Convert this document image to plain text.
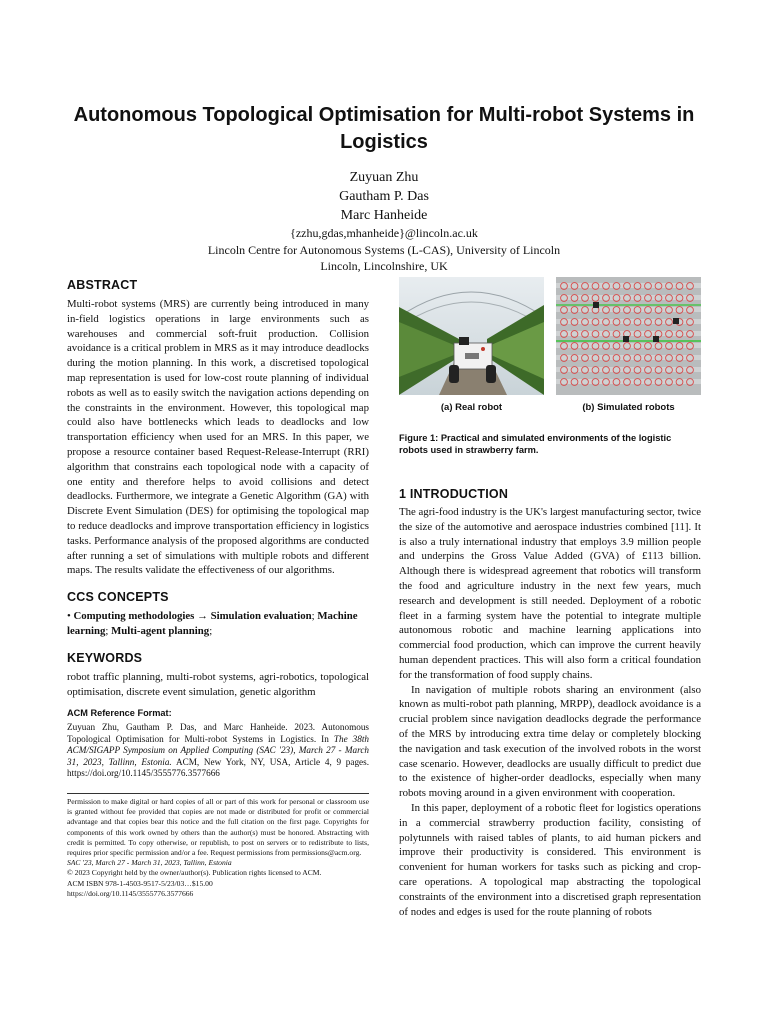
Autonomous Topological Optimisation for Multi-robot Systems in Logistics
Zuyuan Zhu
Gautham P. Das
Marc Hanheide
{zzhu,gdas,mhanheide}@lincoln.ac.uk
Lincoln Centre for Autonomous Systems (L-CAS), University of Lincoln
Lincoln, Lincolnshire, UK
ABSTRACT

Multi-robot systems (MRS) are currently being introduced in many in-field logistics operations in large environments such as warehouses and commercial soft-fruit production. Collision avoidance is a critical problem in MRS as it may introduce deadlocks during the motion planning. In this work, a discretised topological map representation is used for low-cost route planning of individual robots as well as to easily switch the navigation actions depending on the constraints in the environment. However, this topological map could also have bottlenecks which leads to deadlocks and low transportation efficiency when used for an MRS. In this paper, we propose a resource container based Request-Release-Interrupt (RRI) algorithm that constrains each topological node with a capacity of one entity and therefore helps to avoid collisions and detect deadlocks. Furthermore, we integrate a Genetic Algorithm (GA) with Discrete Event Simulation (DES) for optimising the topological map to reduce deadlocks and improve transportation efficiency in logistics tasks. Performance analysis of the proposed algorithms are conducted after running a set of simulations with multiple robots and different maps. The results validate the effectiveness of our algorithms.

CCS CONCEPTS

• Computing methodologies → Simulation evaluation; Machine learning; Multi-agent planning;

KEYWORDS

robot traffic planning, multi-robot systems, agri-robotics, topological optimisation, discrete event simulation, genetic algorithm

ACM Reference Format:

Zuyuan Zhu, Gautham P. Das, and Marc Hanheide. 2023. Autonomous Topological Optimisation for Multi-robot Systems in Logistics. In The 38th ACM/SIGAPP Symposium on Applied Computing (SAC '23), March 27 - March 31, 2023, Tallinn, Estonia. ACM, New York, NY, USA, Article 4, 9 pages. https://doi.org/10.1145/3555776.3577666

Permission to make digital or hard copies of all or part of this work for personal or classroom use is granted without fee provided that copies are not made or distributed for profit or commercial advantage and that copies bear this notice and the full citation on the first page. Copyrights for components of this work owned by others than the author(s) must be honored. Abstracting with credit is permitted. To copy otherwise, or republish, to post on servers or to redistribute to lists, requires prior specific permission and/or a fee. Request permissions from permissions@acm.org.

SAC '23, March 27 - March 31, 2023, Tallinn, Estonia

© 2023 Copyright held by the owner/author(s). Publication rights licensed to ACM.

ACM ISBN 978-1-4503-9517-5/23/03…$15.00

https://doi.org/10.1145/3555776.3577666

(a) Real robot	(b) Simulated robots
Figure 1: Practical and simulated environments of the logistic robots used in strawberry farm.
1 INTRODUCTION

The agri-food industry is the UK's largest manufacturing sector, twice the size of the automotive and aerospace industries combined [11]. It is also a truly international industry that employs 3.9 million people and underpins the Gross Value Added (GVA) of £113 billion. Although there is widespread agreement that robotics will transform the food and agriculture industry in the next few years, much research and development is still needed. Deployment of a robotic fleet in a farming system have the potential to integrate multiple autonomous robotic and machine learning applications into commercial food production, which can improve the current heavily human dependent practices. This will also form a critical foundation for the transformation of food supply chains.

In navigation of multiple robots sharing an environment (also known as multi-robot path planning, MRPP), deadlock avoidance is a crucial problem since navigation deadlocks degrade the performance of the MRS by introducing extra time delay or completely blocking the navigation and task execution of the involved robots in the worst case scenario. However, deadlocks are usually difficult to predict due to the existence of higher-order deadlocks, especially when many robots moving around in a given environment with cooperation.

In this paper, deployment of a robotic fleet for logistics operations in a commercial strawberry production facility, consisting of polytunnels with raised tables of plants, to aid human pickers and improve their productivity is considered. This environment is convenient for human workers for tasks such as picking and crop-care operations. A topological map abstracting the topological constraints of the environment into a discretised graph representation of nodes and edges is used for the route planning of robots
